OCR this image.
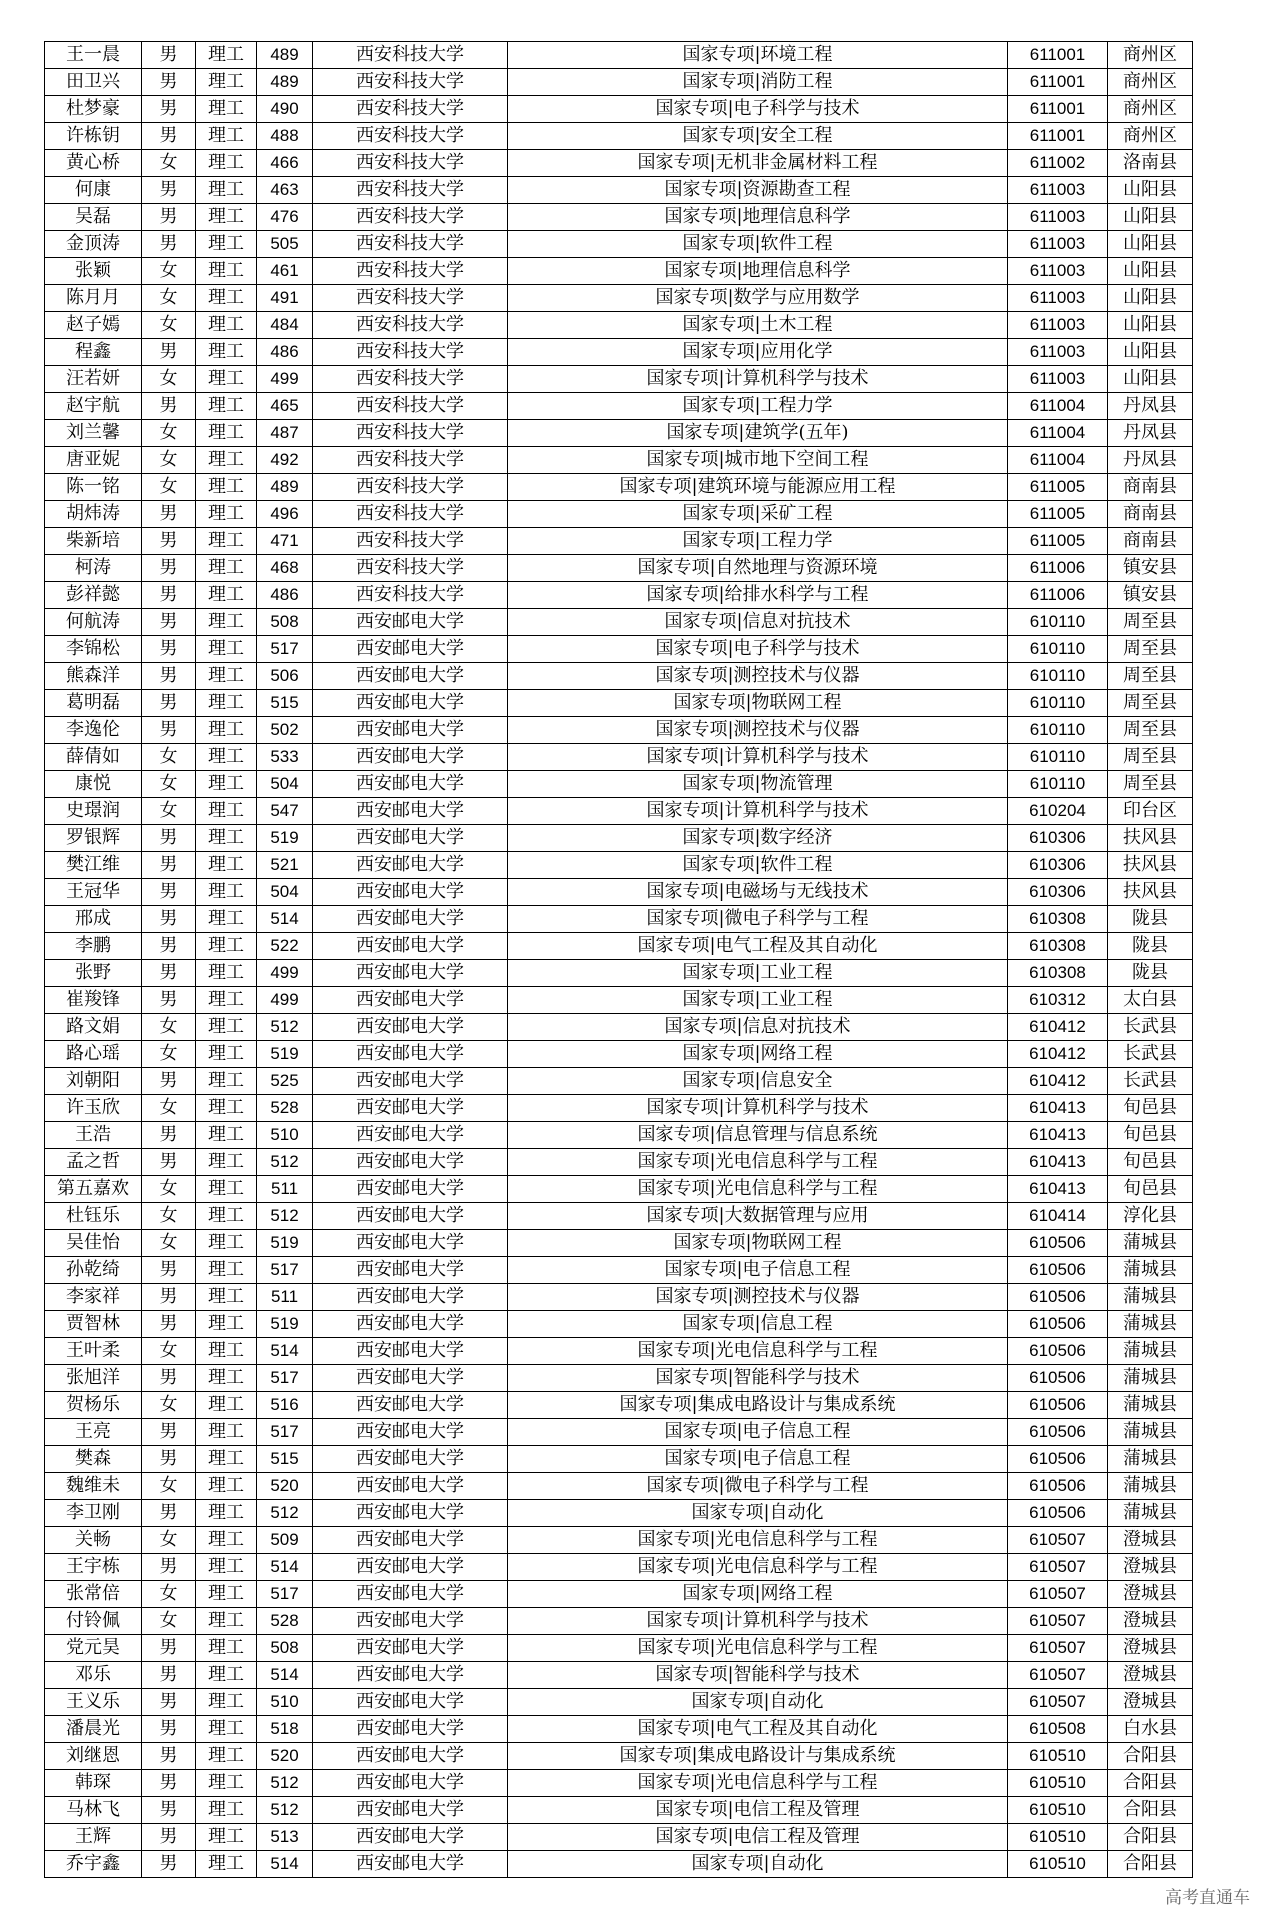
王一晨	男	理工	489	西安科技大学	国家专项|环境工程	611001	商州区
田卫兴	男	理工	489	西安科技大学	国家专项|消防工程	611001	商州区
杜梦豪	男	理工	490	西安科技大学	国家专项|电子科学与技术	611001	商州区
许栋钥	男	理工	488	西安科技大学	国家专项|安全工程	611001	商州区
黄心桥	女	理工	466	西安科技大学	国家专项|无机非金属材料工程	611002	洛南县
何康	男	理工	463	西安科技大学	国家专项|资源勘查工程	611003	山阳县
吴磊	男	理工	476	西安科技大学	国家专项|地理信息科学	611003	山阳县
金顶涛	男	理工	505	西安科技大学	国家专项|软件工程	611003	山阳县
张颖	女	理工	461	西安科技大学	国家专项|地理信息科学	611003	山阳县
陈月月	女	理工	491	西安科技大学	国家专项|数学与应用数学	611003	山阳县
赵子嫣	女	理工	484	西安科技大学	国家专项|土木工程	611003	山阳县
程鑫	男	理工	486	西安科技大学	国家专项|应用化学	611003	山阳县
汪若妍	女	理工	499	西安科技大学	国家专项|计算机科学与技术	611003	山阳县
赵宇航	男	理工	465	西安科技大学	国家专项|工程力学	611004	丹凤县
刘兰馨	女	理工	487	西安科技大学	国家专项|建筑学(五年)	611004	丹凤县
唐亚妮	女	理工	492	西安科技大学	国家专项|城市地下空间工程	611004	丹凤县
陈一铭	女	理工	489	西安科技大学	国家专项|建筑环境与能源应用工程	611005	商南县
胡炜涛	男	理工	496	西安科技大学	国家专项|采矿工程	611005	商南县
柴新培	男	理工	471	西安科技大学	国家专项|工程力学	611005	商南县
柯涛	男	理工	468	西安科技大学	国家专项|自然地理与资源环境	611006	镇安县
彭祥懿	男	理工	486	西安科技大学	国家专项|给排水科学与工程	611006	镇安县
何航涛	男	理工	508	西安邮电大学	国家专项|信息对抗技术	610110	周至县
李锦松	男	理工	517	西安邮电大学	国家专项|电子科学与技术	610110	周至县
熊森洋	男	理工	506	西安邮电大学	国家专项|测控技术与仪器	610110	周至县
葛明磊	男	理工	515	西安邮电大学	国家专项|物联网工程	610110	周至县
李逸伦	男	理工	502	西安邮电大学	国家专项|测控技术与仪器	610110	周至县
薛倩如	女	理工	533	西安邮电大学	国家专项|计算机科学与技术	610110	周至县
康悦	女	理工	504	西安邮电大学	国家专项|物流管理	610110	周至县
史璟润	女	理工	547	西安邮电大学	国家专项|计算机科学与技术	610204	印台区
罗银辉	男	理工	519	西安邮电大学	国家专项|数字经济	610306	扶风县
樊江维	男	理工	521	西安邮电大学	国家专项|软件工程	610306	扶风县
王冠华	男	理工	504	西安邮电大学	国家专项|电磁场与无线技术	610306	扶风县
邢成	男	理工	514	西安邮电大学	国家专项|微电子科学与工程	610308	陇县
李鹏	男	理工	522	西安邮电大学	国家专项|电气工程及其自动化	610308	陇县
张野	男	理工	499	西安邮电大学	国家专项|工业工程	610308	陇县
崔羧锋	男	理工	499	西安邮电大学	国家专项|工业工程	610312	太白县
路文娟	女	理工	512	西安邮电大学	国家专项|信息对抗技术	610412	长武县
路心瑶	女	理工	519	西安邮电大学	国家专项|网络工程	610412	长武县
刘朝阳	男	理工	525	西安邮电大学	国家专项|信息安全	610412	长武县
许玉欣	女	理工	528	西安邮电大学	国家专项|计算机科学与技术	610413	旬邑县
王浩	男	理工	510	西安邮电大学	国家专项|信息管理与信息系统	610413	旬邑县
孟之哲	男	理工	512	西安邮电大学	国家专项|光电信息科学与工程	610413	旬邑县
第五嘉欢	女	理工	511	西安邮电大学	国家专项|光电信息科学与工程	610413	旬邑县
杜钰乐	女	理工	512	西安邮电大学	国家专项|大数据管理与应用	610414	淳化县
吴佳怡	女	理工	519	西安邮电大学	国家专项|物联网工程	610506	蒲城县
孙乾绮	男	理工	517	西安邮电大学	国家专项|电子信息工程	610506	蒲城县
李家祥	男	理工	511	西安邮电大学	国家专项|测控技术与仪器	610506	蒲城县
贾智林	男	理工	519	西安邮电大学	国家专项|信息工程	610506	蒲城县
王叶柔	女	理工	514	西安邮电大学	国家专项|光电信息科学与工程	610506	蒲城县
张旭洋	男	理工	517	西安邮电大学	国家专项|智能科学与技术	610506	蒲城县
贺杨乐	女	理工	516	西安邮电大学	国家专项|集成电路设计与集成系统	610506	蒲城县
王亮	男	理工	517	西安邮电大学	国家专项|电子信息工程	610506	蒲城县
樊森	男	理工	515	西安邮电大学	国家专项|电子信息工程	610506	蒲城县
魏维未	女	理工	520	西安邮电大学	国家专项|微电子科学与工程	610506	蒲城县
李卫刚	男	理工	512	西安邮电大学	国家专项|自动化	610506	蒲城县
关畅	女	理工	509	西安邮电大学	国家专项|光电信息科学与工程	610507	澄城县
王宇栋	男	理工	514	西安邮电大学	国家专项|光电信息科学与工程	610507	澄城县
张常倍	女	理工	517	西安邮电大学	国家专项|网络工程	610507	澄城县
付铃佩	女	理工	528	西安邮电大学	国家专项|计算机科学与技术	610507	澄城县
党元昊	男	理工	508	西安邮电大学	国家专项|光电信息科学与工程	610507	澄城县
邓乐	男	理工	514	西安邮电大学	国家专项|智能科学与技术	610507	澄城县
王义乐	男	理工	510	西安邮电大学	国家专项|自动化	610507	澄城县
潘晨光	男	理工	518	西安邮电大学	国家专项|电气工程及其自动化	610508	白水县
刘继恩	男	理工	520	西安邮电大学	国家专项|集成电路设计与集成系统	610510	合阳县
韩琛	男	理工	512	西安邮电大学	国家专项|光电信息科学与工程	610510	合阳县
马林飞	男	理工	512	西安邮电大学	国家专项|电信工程及管理	610510	合阳县
王辉	男	理工	513	西安邮电大学	国家专项|电信工程及管理	610510	合阳县
乔宇鑫	男	理工	514	西安邮电大学	国家专项|自动化	610510	合阳县
高考直通车
